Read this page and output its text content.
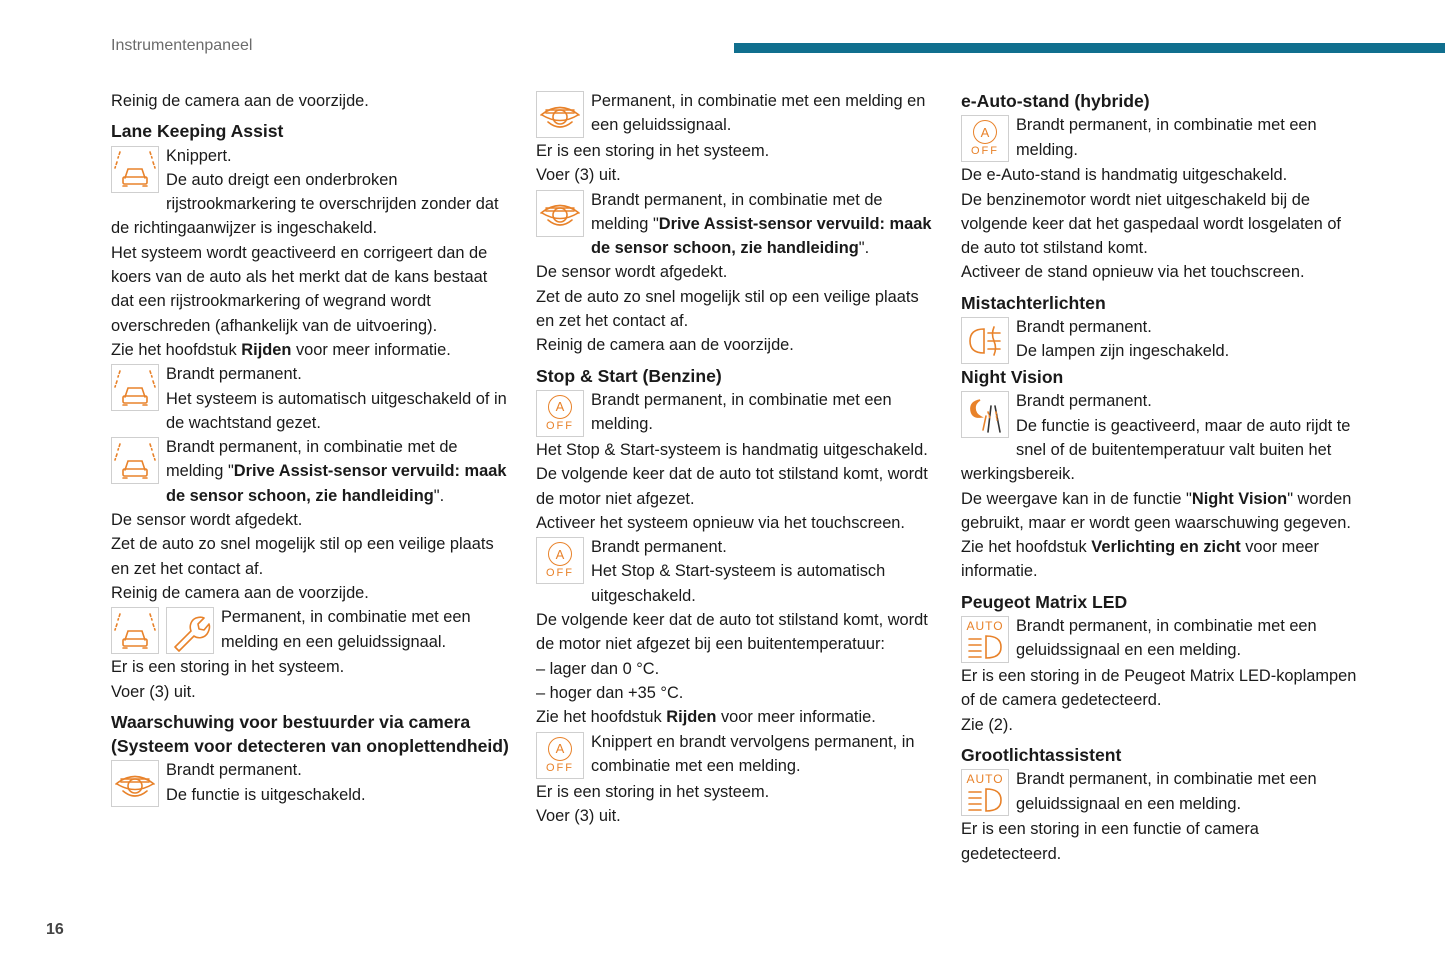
Instrumentenpaneel

Reinig de camera aan de voorzijde.

Lane Keeping Assist

Knippert.

De auto dreigt een onderbroken rijstrookmarkering te overschrijden zonder dat de richtingaanwijzer is ingeschakeld.

Het systeem wordt geactiveerd en corrigeert dan de koers van de auto als het merkt dat de kans bestaat dat een rijstrookmarkering of wegrand wordt overschreden (afhankelijk van de uitvoering).

Zie het hoofdstuk Rijden voor meer informatie.

Brandt permanent.

Het systeem is automatisch uitgeschakeld of in de wachtstand gezet.

Brandt permanent, in combinatie met de melding "Drive Assist-sensor vervuild: maak de sensor schoon, zie handleiding".

De sensor wordt afgedekt.

Zet de auto zo snel mogelijk stil op een veilige plaats en zet het contact af.

Reinig de camera aan de voorzijde.

Permanent, in combinatie met een melding en een geluidssignaal.

Er is een storing in het systeem.

Voer (3) uit.

Waarschuwing voor bestuurder via camera (Systeem voor detecteren van onoplettendheid)

Brandt permanent.

De functie is uitgeschakeld.

Permanent, in combinatie met een melding en een geluidssignaal.

Er is een storing in het systeem.

Voer (3) uit.

Brandt permanent, in combinatie met de melding "Drive Assist-sensor vervuild: maak de sensor schoon, zie handleiding".

De sensor wordt afgedekt.

Zet de auto zo snel mogelijk stil op een veilige plaats en zet het contact af.

Reinig de camera aan de voorzijde.

Stop & Start (Benzine)
A
OFF

Brandt permanent, in combinatie met een melding.

Het Stop & Start-systeem is handmatig uitgeschakeld.

De volgende keer dat de auto tot stilstand komt, wordt de motor niet afgezet.

Activeer het systeem opnieuw via het touchscreen.

A
OFF

Brandt permanent.

Het Stop & Start-systeem is automatisch uitgeschakeld.

De volgende keer dat de auto tot stilstand komt, wordt de motor niet afgezet bij een buitentemperatuur:

– lager dan 0 °C.

– hoger dan +35 °C.

Zie het hoofdstuk Rijden voor meer informatie.

A
OFF

Knippert en brandt vervolgens permanent, in combinatie met een melding.

Er is een storing in het systeem.

Voer (3) uit.

e-Auto-stand (hybride)
A
OFF

Brandt permanent, in combinatie met een melding.

De e-Auto-stand is handmatig uitgeschakeld.

De benzinemotor wordt niet uitgeschakeld bij de volgende keer dat het gaspedaal wordt losgelaten of de auto tot stilstand komt.

Activeer de stand opnieuw via het touchscreen.

Mistachterlichten

Brandt permanent.

De lampen zijn ingeschakeld.

Night Vision

Brandt permanent.

De functie is geactiveerd, maar de auto rijdt te snel of de buitentemperatuur valt buiten het werkingsbereik.

De weergave kan in de functie "Night Vision" worden gebruikt, maar er wordt geen waarschuwing gegeven.

Zie het hoofdstuk Verlichting en zicht voor meer informatie.

Peugeot Matrix LED
AUTO Brandt permanent, in combinatie met een geluidssignaal en een melding.

Er is een storing in de Peugeot Matrix LED-koplampen of de camera gedetecteerd.

Zie (2).

Grootlichtassistent
AUTO Brandt permanent, in combinatie met een geluidssignaal en een melding.

Er is een storing in een functie of camera gedetecteerd.

16
